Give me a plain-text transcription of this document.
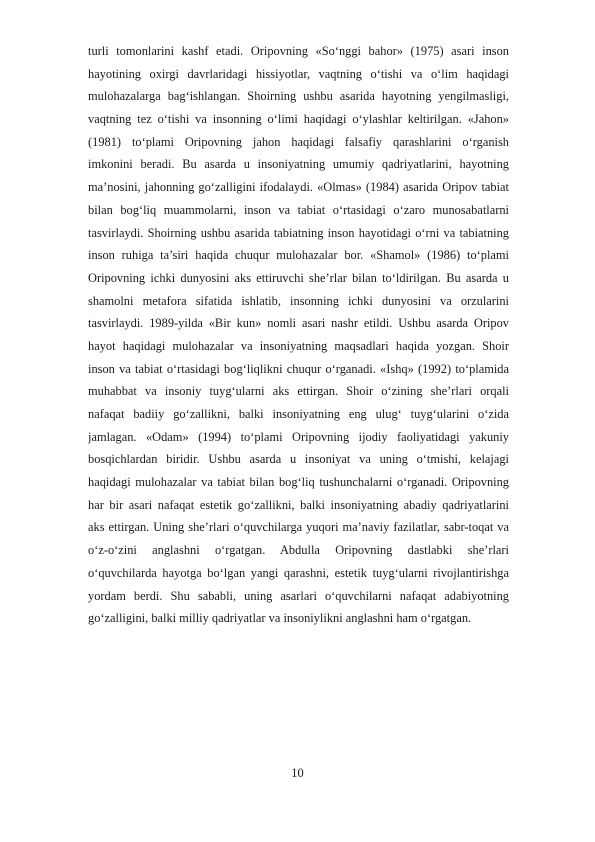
turli tomonlarini kashf etadi. Oripovning «So‘nggi bahor» (1975) asari inson
hayotining oxirgi davrlaridagi hissiyotlar, vaqtning o‘tishi va o‘lim haqidagi
mulohazalarga bag‘ishlangan. Shoirning ushbu asarida hayotning yengilmasligi,
vaqtning tez o‘tishi va insonning o‘limi haqidagi o‘ylashlar keltirilgan. «Jahon»
(1981) to‘plami Oripovning jahon haqidagi falsafiy qarashlarini o‘rganish
imkonini beradi. Bu asarda u insoniyatning umumiy qadriyatlarini, hayotning
ma’nosini, jahonning go‘zalligini ifodalaydi. «Olmas» (1984) asarida Oripov tabiat
bilan bog‘liq muammolarni, inson va tabiat o‘rtasidagi o‘zaro munosabatlarni
tasvirlaydi. Shoirning ushbu asarida tabiatning inson hayotidagi o‘rni va tabiatning
inson ruhiga ta’siri haqida chuqur mulohazalar bor. «Shamol» (1986) to‘plami
Oripovning ichki dunyosini aks ettiruvchi she’rlar bilan to‘ldirilgan. Bu asarda u
shamolni metafora sifatida ishlatib, insonning ichki dunyosini va orzularini
tasvirlaydi. 1989-yilda «Bir kun» nomli asari nashr etildi. Ushbu asarda Oripov
hayot haqidagi mulohazalar va insoniyatning maqsadlari haqida yozgan. Shoir
inson va tabiat o‘rtasidagi bog‘liqlikni chuqur o‘rganadi. «Ishq» (1992) to‘plamida
muhabbat va insoniy tuyg‘ularni aks ettirgan. Shoir o‘zining she’rlari orqali
nafaqat badiiy go‘zallikni, balki insoniyatning eng ulug‘ tuyg‘ularini o‘zida
jamlagan. «Odam» (1994) to‘plami Oripovning ijodiy faoliyatidagi yakuniy
bosqichlardan biridir. Ushbu asarda u insoniyat va uning o‘tmishi, kelajagi
haqidagi mulohazalar va tabiat bilan bog‘liq tushunchalarni o‘rganadi. Oripovning
har bir asari nafaqat estetik go‘zallikni, balki insoniyatning abadiy qadriyatlarini
aks ettirgan. Uning she’rlari o‘quvchilarga yuqori ma’naviy fazilatlar, sabr-toqat va
o‘z-o‘zini anglashni o‘rgatgan. Abdulla Oripovning dastlabki she’rlari
o‘quvchilarda hayotga bo‘lgan yangi qarashni, estetik tuyg‘ularni rivojlantirishga
yordam berdi. Shu sababli, uning asarlari o‘quvchilarni nafaqat adabiyotning
go‘zalligini, balki milliy qadriyatlar va insoniylikni anglashni ham o‘rgatgan.
10
